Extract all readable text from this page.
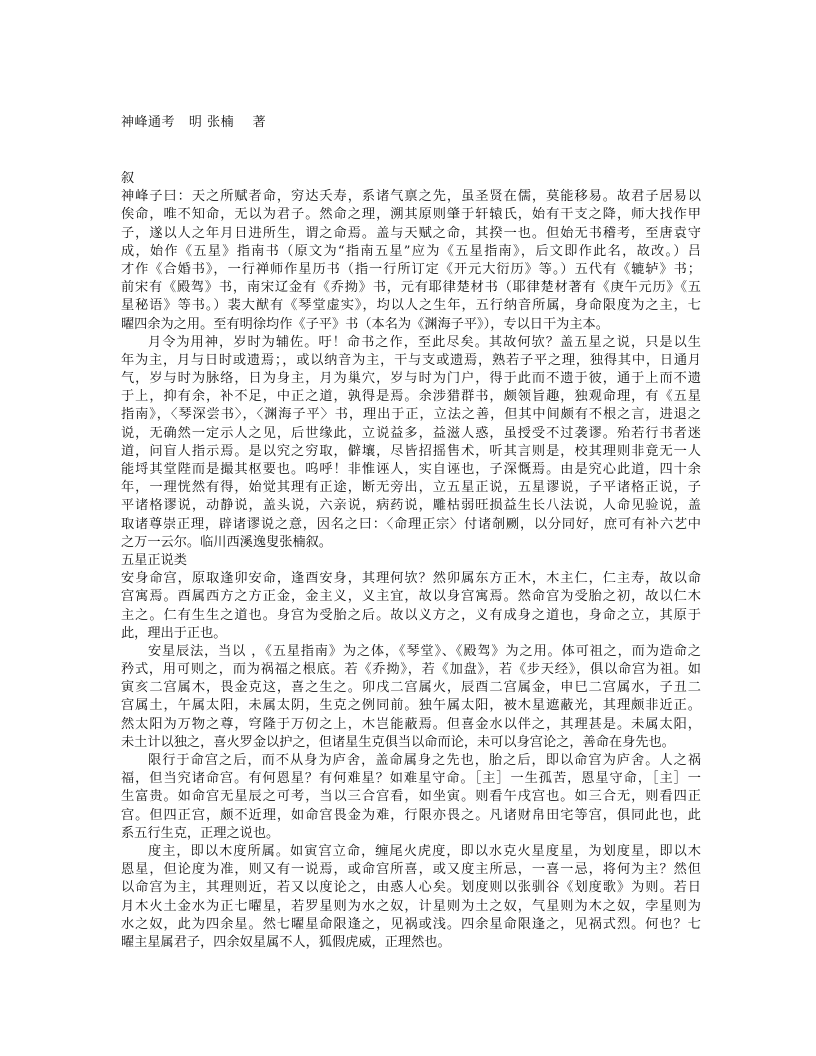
神峰通考 明 张楠 著
叙
神峰子曰：天之所赋者命，穷达夭寿，系诸气禀之先，虽圣贤在儒，莫能移易。故君子居易以
俟命，唯不知命，无以为君子。然命之理，溯其原则肇于轩辕氏，始有干支之降，师大找作甲
子，遂以人之年月日进所生，谓之命焉。盖与天赋之命，其揆一也。但始无书稽考，至唐袁守
成，始作《五星》指南书（原文为“指南五星”应为《五星指南》，后文即作此名，故改。）吕
才作《合婚书》，一行禅师作星历书（指一行所订定《开元大衍历》等。）五代有《辘轳》书；
前宋有《殿驾》书，南宋辽金有《乔拗》书，元有耶律楚材书（耶律楚材著有《庚午元历》《五
星秘语》等书。）裴大猷有《琴堂虚实》，均以人之生年，五行纳音所属，身命限度为之主，七
曜四余为之用。至有明徐均作《子平》书（本名为《渊海子平》），专以日干为主本。
月令为用神，岁时为辅佐。吁！命书之作，至此尽矣。其故何欤？盖五星之说，只是以生
年为主，月与日时或遗焉；，或以纳音为主，干与支或遗焉，熟若子平之理，独得其中，日通月
气，岁与时为脉络，日为身主，月为巢穴，岁与时为门户，得于此而不遗于彼，通于上而不遗
于上，抑有余，补不足，中正之道，孰得是焉。余涉猎群书，颇领旨趣，独观命理，有《五星
指南》，〈琴深尝书〉，〈渊海子平〉书，理出于正，立法之善，但其中间颇有不根之言，进退之
说，无确然一定示人之见，后世缘此，立说益多，益滋人惑，虽授受不过袭谬。殆若行书者迷
道，问盲人指示焉。是以究之穷取，僻壤，尽皆招摇售术，听其言则是，校其理则非竟无一人
能埒其堂陛而是撮其枢要也。呜呼！非惟诬人，实自诬也，子深慨焉。由是究心此道，四十余
年，一理恍然有得，始觉其理有正途，断无旁出，立五星正说，五星谬说，子平诸格正说，子
平诸格谬说，动静说，盖头说，六亲说，病药说，雕枯弱旺损益生长八法说，人命见验说，盖
取诸尊崇正理，辟诸谬说之意，因名之曰：〈命理正宗〉付诸剞劂，以分同好，庶可有补六艺中
之万一云尔。临川西溪逸叟张楠叙。
五星正说类
安身命宫，原取逢卯安命，逢酉安身，其理何欤？然卯属东方正木，木主仁，仁主寿，故以命
宫寓焉。酉属西方之方正金，金主义，义主宜，故以身宫寓焉。然命宫为受胎之初，故以仁木
主之。仁有生生之道也。身宫为受胎之后。故以义方之，义有成身之道也，身命之立，其原于
此，理出于正也。
安星辰法，当以 ，《五星指南》为之体，《琴堂》、《殿驾》为之用。体可祖之，而为造命之
矜式，用可则之，而为祸福之根底。若《乔拗》，若《加盘》，若《步天经》，俱以命宫为祖。如
寅亥二宫属木，畏金克这，喜之生之。卯戌二宫属火，辰酉二宫属金，申巳二宫属水，子丑二
宫属土，午属太阳，未属太阴，生克之例同前。独午属太阳，被木星遮蔽光，其理颇非近正。
然太阳为万物之尊，穹隆于万仞之上，木岂能蔽焉。但喜金水以伴之，其理甚是。未属太阳，
未土计以独之，喜火罗金以护之，但诸星生克俱当以命而论，未可以身宫论之，善命在身先也。
限行于命宫之后，而不从身为庐舍，盖命属身之先也，胎之后，即以命宫为庐舍。人之祸
福，但当究诸命宫。有何恩星？有何难星？如难星守命。［主］一生孤苦，恩星守命，［主］一
生富贵。如命宫无星辰之可考，当以三合宫看，如坐寅。则看午戌宫也。如三合无，则看四正
宫。但四正宫，颇不近理，如命宫畏金为难，行限亦畏之。凡诸财帛田宅等宫，俱同此也，此
系五行生克，正理之说也。
度主，即以木度所属。如寅宫立命，缠尾火虎度，即以水克火星度星，为划度星，即以木
恩星，但论度为准，则又有一说焉，或命宫所喜，或又度主所忌，一喜一忌，将何为主？然但
以命宫为主，其理则近，若又以度论之，由惑人心矣。划度则以张驯谷《划度歌》为则。若日
月木火土金水为正七曜星，若罗星则为水之奴，计星则为土之奴，气星则为木之奴，孛星则为
水之奴，此为四余星。然七曜星命限逢之，见祸或浅。四余星命限逢之，见祸式烈。何也？七
曜主星属君子，四余奴星属不人，狐假虎威，正理然也。
